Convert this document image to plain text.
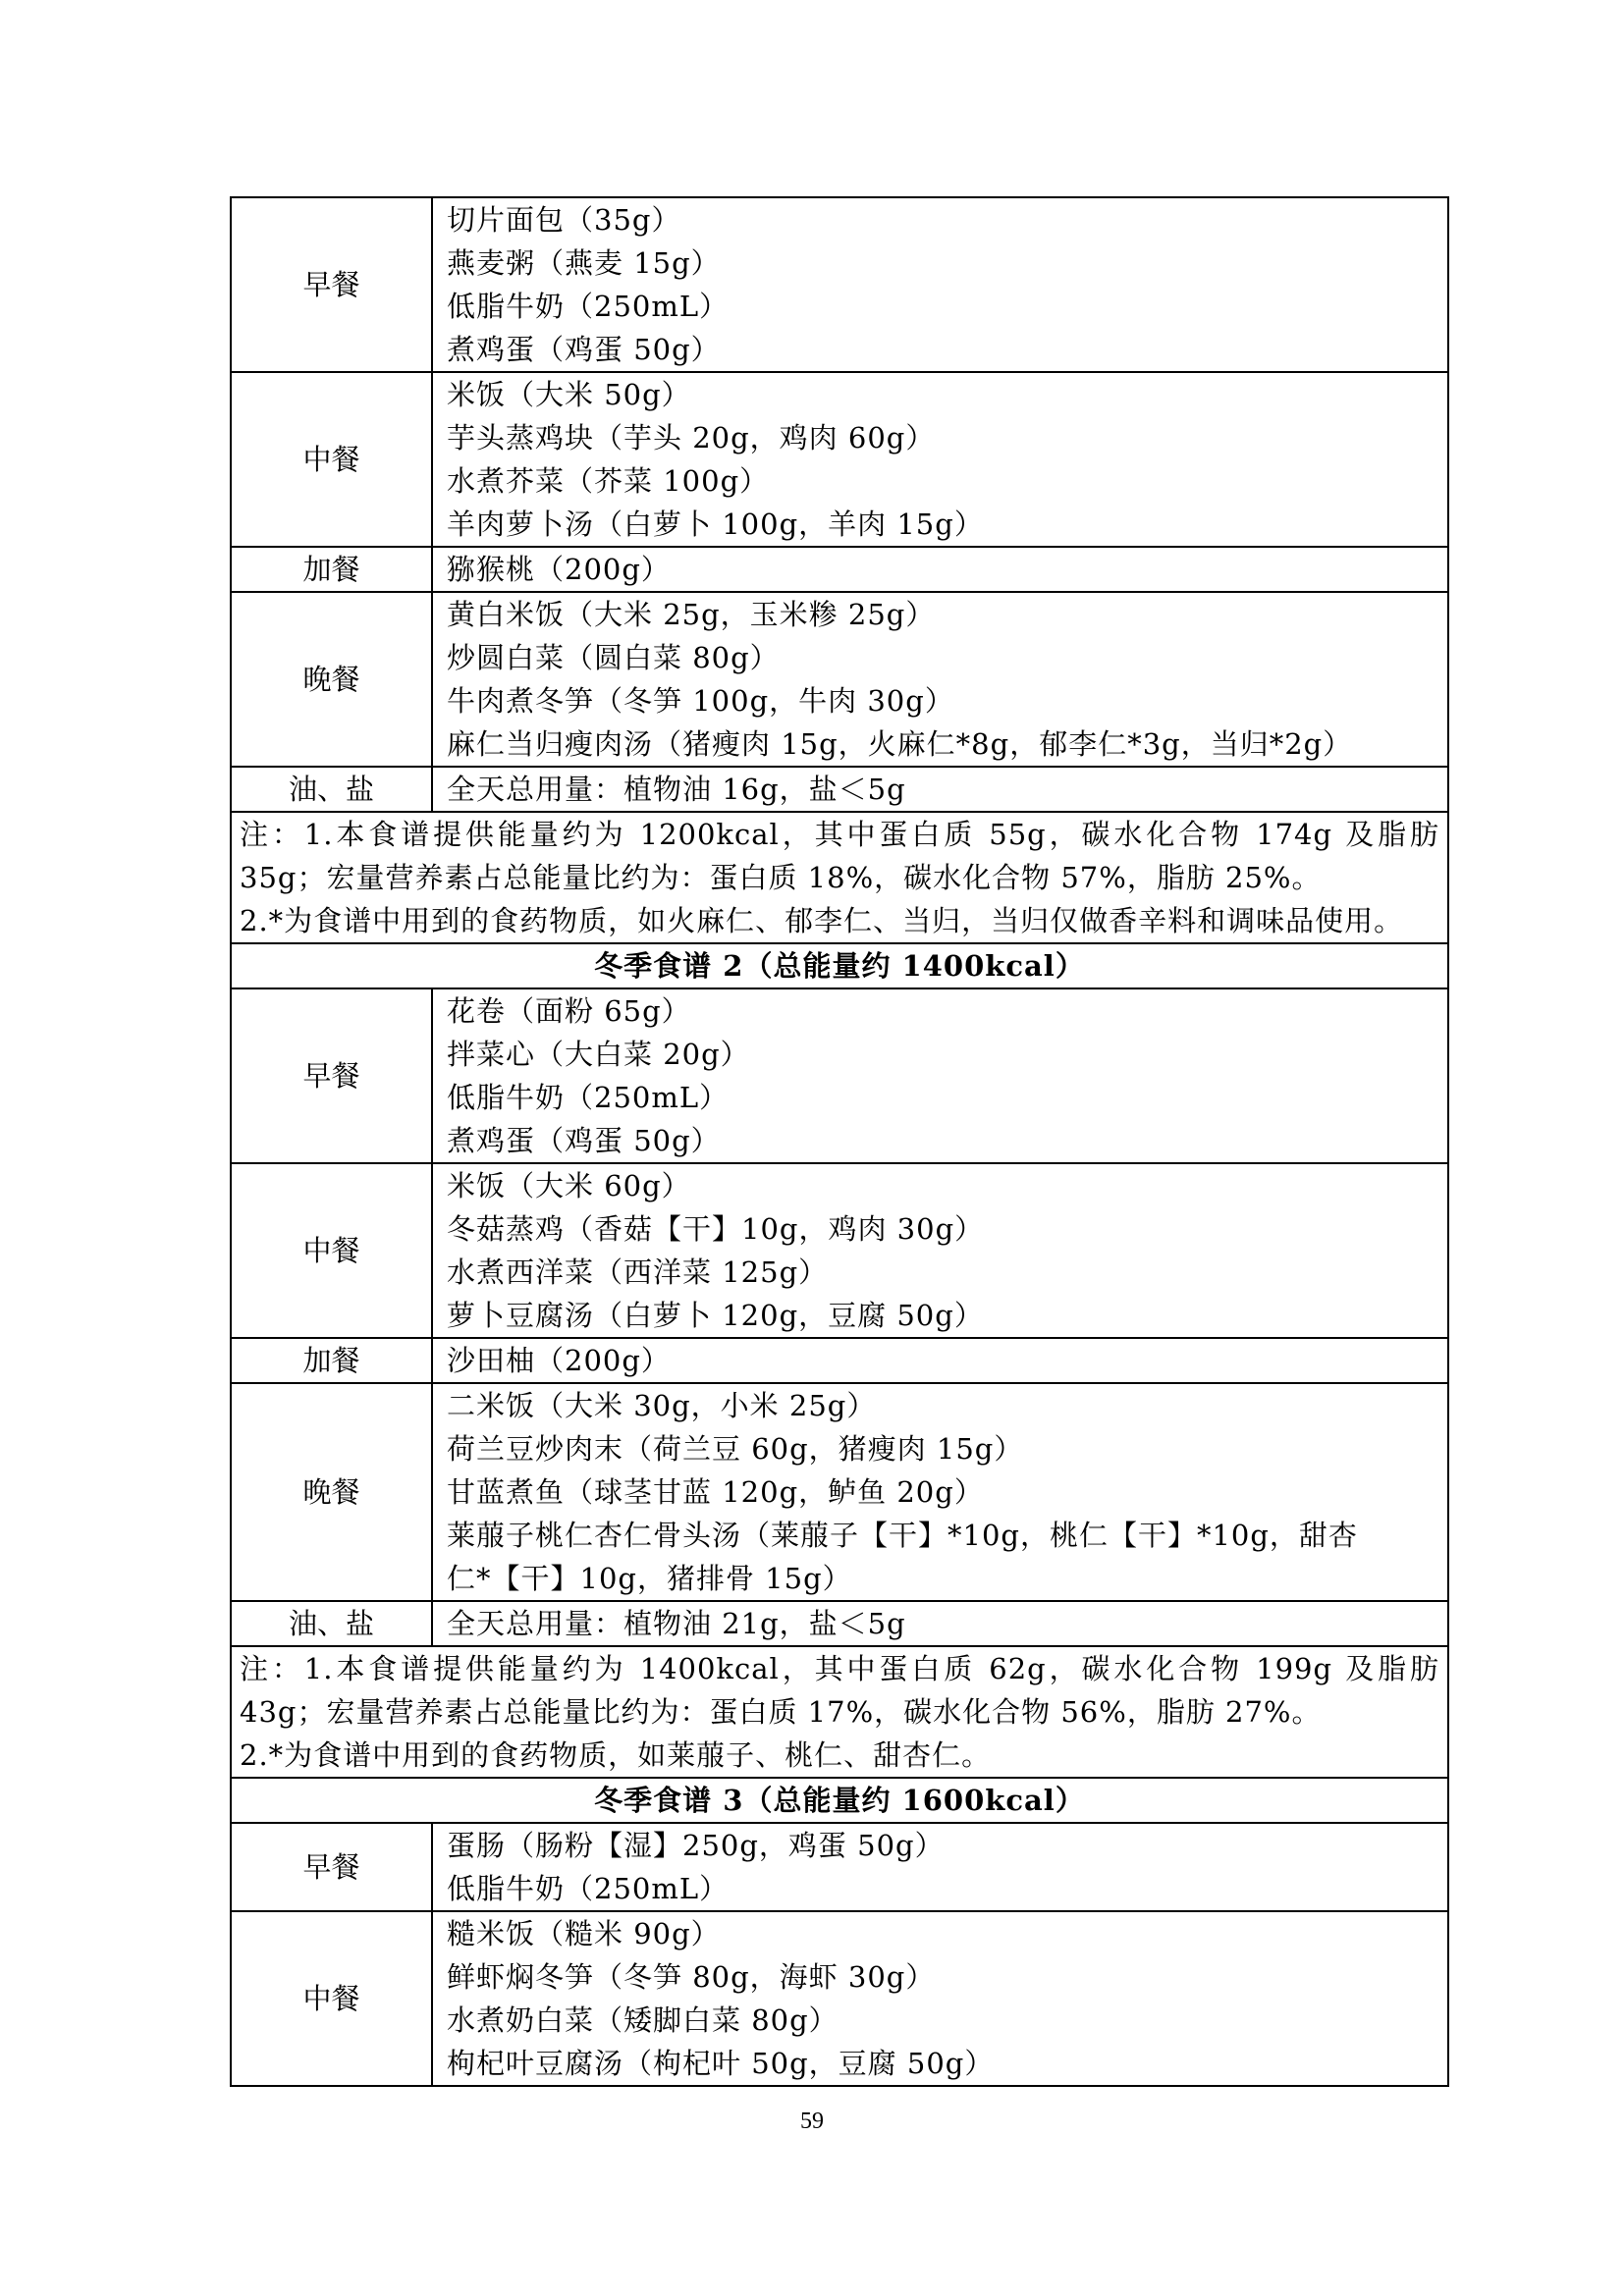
早餐	切片面包（35g）
燕麦粥（燕麦 15g）
低脂牛奶（250mL）
煮鸡蛋（鸡蛋 50g）

中餐	米饭（大米 50g）
芋头蒸鸡块（芋头 20g，鸡肉 60g）
水煮芥菜（芥菜 100g）
羊肉萝卜汤（白萝卜 100g，羊肉 15g）

加餐	猕猴桃（200g）

晚餐	黄白米饭（大米 25g，玉米糁 25g）
炒圆白菜（圆白菜 80g）
牛肉煮冬笋（冬笋 100g，牛肉 30g）
麻仁当归瘦肉汤（猪瘦肉 15g，火麻仁*8g，郁李仁*3g，当归*2g）

油、盐	全天总用量：植物油 16g，盐＜5g

注：1.本食谱提供能量约为 1200kcal，其中蛋白质 55g，碳水化合物 174g 及脂肪 35g；宏量营养素占总能量比约为：蛋白质 18%，碳水化合物 57%，脂肪 25%。
2.*为食谱中用到的食药物质，如火麻仁、郁李仁、当归，当归仅做香辛料和调味品使用。	

冬季食谱 2（总能量约 1400kcal）	
早餐	花卷（面粉 65g）
拌菜心（大白菜 20g）
低脂牛奶（250mL）
煮鸡蛋（鸡蛋 50g）

中餐	米饭（大米 60g）
冬菇蒸鸡（香菇【干】10g，鸡肉 30g）
水煮西洋菜（西洋菜 125g）
萝卜豆腐汤（白萝卜 120g，豆腐 50g）

加餐	沙田柚（200g）

晚餐	二米饭（大米 30g，小米 25g）
荷兰豆炒肉末（荷兰豆 60g，猪瘦肉 15g）
甘蓝煮鱼（球茎甘蓝 120g，鲈鱼 20g）
莱菔子桃仁杏仁骨头汤（莱菔子【干】*10g，桃仁【干】*10g，甜杏
仁*【干】10g，猪排骨 15g）

油、盐	全天总用量：植物油 21g，盐＜5g

注：1.本食谱提供能量约为 1400kcal，其中蛋白质 62g，碳水化合物 199g 及脂肪 43g；宏量营养素占总能量比约为：蛋白质 17%，碳水化合物 56%，脂肪 27%。
2.*为食谱中用到的食药物质，如莱菔子、桃仁、甜杏仁。	

冬季食谱 3（总能量约 1600kcal）	
早餐	蛋肠（肠粉【湿】250g，鸡蛋 50g）
低脂牛奶（250mL）

中餐	糙米饭（糙米 90g）
鲜虾焖冬笋（冬笋 80g，海虾 30g）
水煮奶白菜（矮脚白菜 80g）
枸杞叶豆腐汤（枸杞叶 50g，豆腐 50g）
59
